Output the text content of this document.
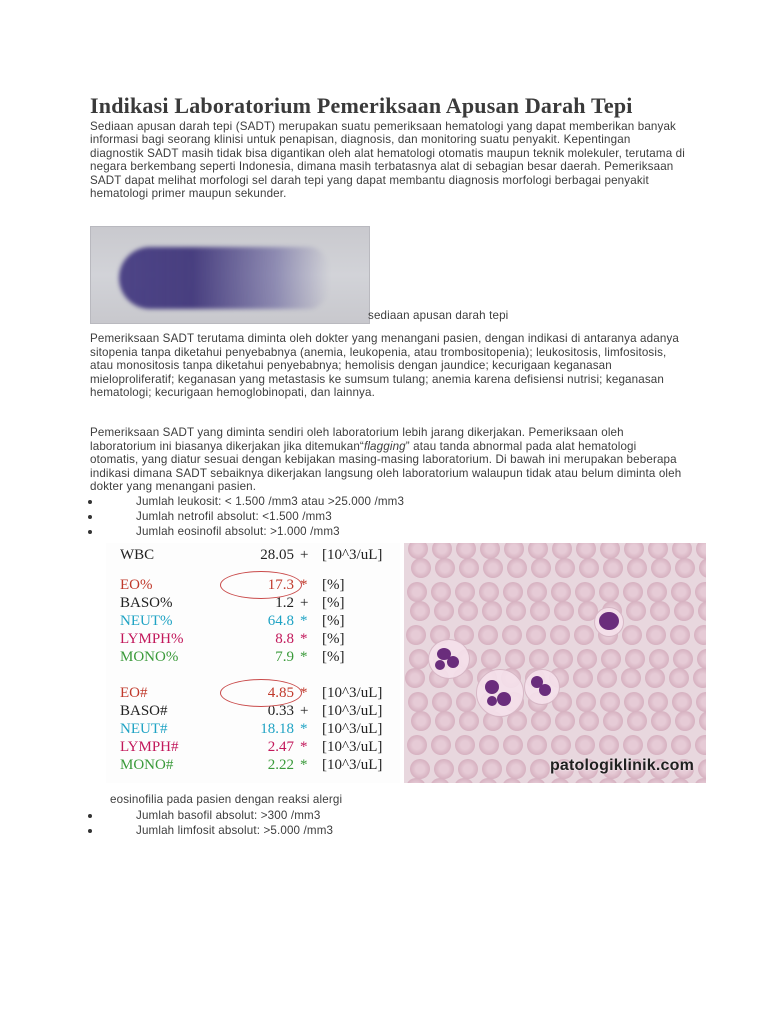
Indikasi Laboratorium Pemeriksaan Apusan Darah Tepi

Sediaan apusan darah tepi (SADT) merupakan suatu pemeriksaan hematologi yang dapat memberikan banyak informasi bagi seorang klinisi untuk penapisan, diagnosis, dan monitoring suatu penyakit. Kepentingan diagnostik SADT masih tidak bisa digantikan oleh alat hematologi otomatis maupun teknik molekuler, terutama di negara berkembang seperti Indonesia, dimana masih terbatasnya alat di sebagian besar daerah. Pemeriksaan SADT dapat melihat morfologi sel darah tepi yang dapat membantu diagnosis morfologi berbagai penyakit hematologi primer maupun sekunder.

sediaan apusan darah tepi

Pemeriksaan SADT terutama diminta oleh dokter yang menangani pasien, dengan indikasi di antaranya adanya sitopenia tanpa diketahui penyebabnya (anemia, leukopenia, atau trombositopenia); leukositosis, limfositosis, atau monositosis tanpa diketahui penyebabnya; hemolisis dengan jaundice; kecurigaan keganasan mieloproliferatif; keganasan yang metastasis ke sumsum tulang; anemia karena defisiensi nutrisi; keganasan hematologi; kecurigaan hemoglobinopati, dan lainnya.

Pemeriksaan SADT yang diminta sendiri oleh laboratorium lebih jarang dikerjakan. Pemeriksaan oleh laboratorium ini biasanya dikerjakan jika ditemukan“flagging” atau tanda abnormal pada alat hematologi otomatis, yang diatur sesuai dengan kebijakan masing-masing laboratorium. Di bawah ini merupakan beberapa indikasi dimana SADT sebaiknya dikerjakan langsung oleh laboratorium walaupun tidak atau belum diminta oleh dokter yang menangani pasien.

Jumlah leukosit: < 1.500 /mm3 atau >25.000 /mm3
Jumlah netrofil absolut: <1.500 /mm3
Jumlah eosinofil absolut: >1.000 /mm3
WBC	28.05 + [10^3/uL]
EO%	17.3 * [%]
BASO%	1.2 + [%]
NEUT%	64.8 * [%]
LYMPH%	8.8 * [%]
MONO%	7.9 * [%]
EO#	4.85 * [10^3/uL]
BASO#	0.33 + [10^3/uL]
NEUT#	18.18 * [10^3/uL]
LYMPH#	2.47 * [10^3/uL]
MONO#	2.22 * [10^3/uL]	patologiklinik.com
eosinofilia pada pasien dengan reaksi alergi
Jumlah basofil absolut: >300 /mm3
Jumlah limfosit absolut: >5.000 /mm3
